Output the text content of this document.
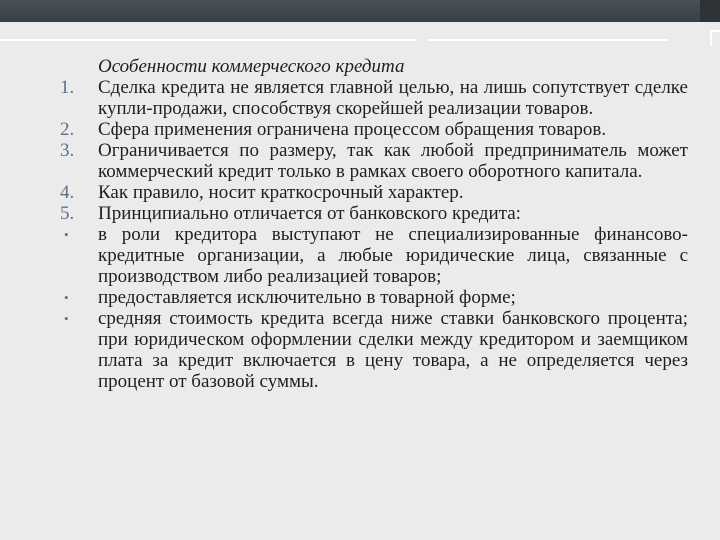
Особенности коммерческого кредита
1.	Сделка кредита не является главной целью, на лишь сопутствует сделке купли-продажи, способствуя скорейшей реализации товаров.
2.	Сфера применения ограничена процессом обращения товаров.
3.	Ограничивается по размеру, так как любой предприниматель может коммерческий кредит только в рамках своего оборотного капитала.
4.	Как правило, носит краткосрочный характер.
5.	Принципиально отличается от банковского кредита:
•	в роли кредитора выступают не специализированные финансово-кредитные организации, а любые юридические лица, связанные с производством либо реализацией товаров;
•	предоставляется исключительно в товарной форме;
•	средняя стоимость кредита всегда ниже ставки банковского процента; при юридическом оформлении сделки между кредитором и заемщиком плата за кредит включается в цену товара, а не определяется через процент от базовой суммы.
